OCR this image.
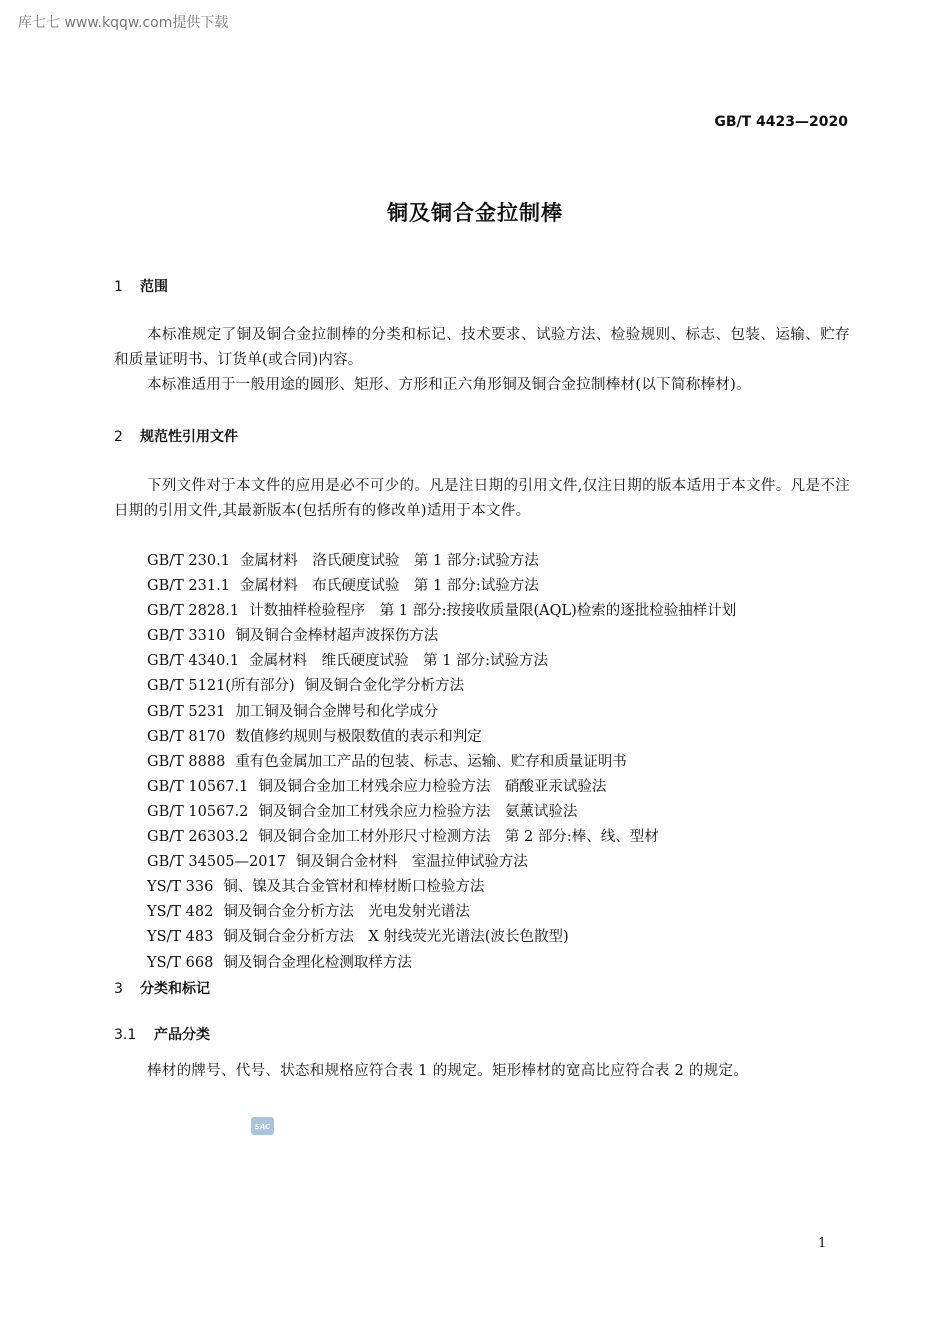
库七七 www.kqqw.com提供下载
GB/T 4423—2020
铜及铜合金拉制棒
1 范围
本标准规定了铜及铜合金拉制棒的分类和标记、技术要求、试验方法、检验规则、标志、包装、运输、贮存和质量证明书、订货单(或合同)内容。
本标准适用于一般用途的圆形、矩形、方形和正六角形铜及铜合金拉制棒材(以下简称棒材)。
2 规范性引用文件
下列文件对于本文件的应用是必不可少的。凡是注日期的引用文件,仅注日期的版本适用于本文件。凡是不注日期的引用文件,其最新版本(包括所有的修改单)适用于本文件。
GB/T 230.1 金属材料　洛氏硬度试验　第 1 部分:试验方法
GB/T 231.1 金属材料　布氏硬度试验　第 1 部分:试验方法
GB/T 2828.1 计数抽样检验程序　第 1 部分:按接收质量限(AQL)检索的逐批检验抽样计划
GB/T 3310 铜及铜合金棒材超声波探伤方法
GB/T 4340.1 金属材料　维氏硬度试验　第 1 部分:试验方法
GB/T 5121(所有部分) 铜及铜合金化学分析方法
GB/T 5231 加工铜及铜合金牌号和化学成分
GB/T 8170 数值修约规则与极限数值的表示和判定
GB/T 8888 重有色金属加工产品的包装、标志、运输、贮存和质量证明书
GB/T 10567.1 铜及铜合金加工材残余应力检验方法　硝酸亚汞试验法
GB/T 10567.2 铜及铜合金加工材残余应力检验方法　氨薰试验法
GB/T 26303.2 铜及铜合金加工材外形尺寸检测方法　第 2 部分:棒、线、型材
GB/T 34505—2017 铜及铜合金材料　室温拉伸试验方法
YS/T 336 铜、镍及其合金管材和棒材断口检验方法
YS/T 482 铜及铜合金分析方法　光电发射光谱法
YS/T 483 铜及铜合金分析方法　X 射线荧光光谱法(波长色散型)
YS/T 668 铜及铜合金理化检测取样方法
3 分类和标记
3.1 产品分类
棒材的牌号、代号、状态和规格应符合表 1 的规定。矩形棒材的宽高比应符合表 2 的规定。
SAC
1
